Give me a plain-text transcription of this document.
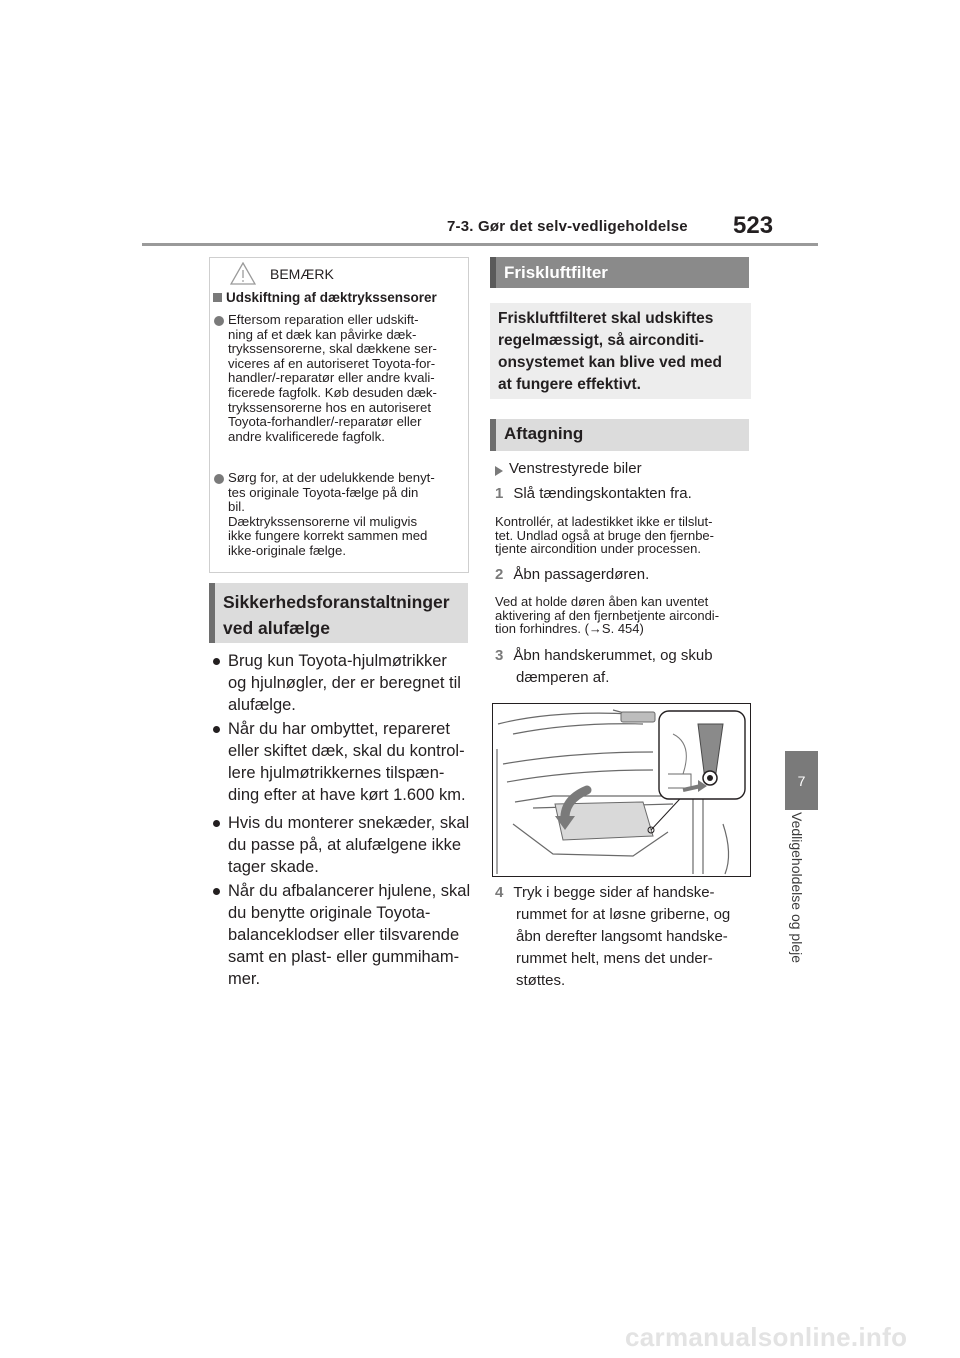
7-3. Gør det selv-vedligeholdelse 523
7
Vedligeholdelse og pleje
BEMÆRK
Udskiftning af dæktrykssensorer
Eftersom reparation eller udskift-
ning af et dæk kan påvirke dæk-
trykssensorerne, skal dækkene ser-
viceres af en autoriseret Toyota-for-
handler/-reparatør eller andre kvali-
ficerede fagfolk. Køb desuden dæk-
trykssensorerne hos en autoriseret
Toyota-forhandler/-reparatør eller
andre kvalificerede fagfolk.
Sørg for, at der udelukkende benyt-
tes originale Toyota-fælge på din
bil.
Dæktrykssensorerne vil muligvis
ikke fungere korrekt sammen med
ikke-originale fælge.
Sikkerhedsforanstaltninger
ved alufælge
Brug kun Toyota-hjulmøtrikker
og hjulnøgler, der er beregnet til
alufælge.
Når du har ombyttet, repareret
eller skiftet dæk, skal du kontrol-
lere hjulmøtrikkernes tilspæn-
ding efter at have kørt 1.600 km.
Hvis du monterer snekæder, skal
du passe på, at alufælgene ikke
tager skade.
Når du afbalancerer hjulene, skal
du benytte originale Toyota-
balanceklodser eller tilsvarende
samt en plast- eller gummiham-
mer.
Friskluftfilter
Friskluftfilteret skal udskiftes
regelmæssigt, så airconditi-
onsystemet kan blive ved med
at fungere effektivt.
Aftagning
Venstrestyrede biler
1 Slå tændingskontakten fra.
Kontrollér, at ladestikket ikke er tilslut-
tet. Undlad også at bruge den fjernbe-
tjente aircondition under processen.
2 Åbn passagerdøren.
Ved at holde døren åben kan uventet
aktivering af den fjernbetjente aircondi-
tion forhindres. (→S. 454)
3 Åbn handskerummet, og skub
dæmperen af.
4 Tryk i begge sider af handske-
rummet for at løsne griberne, og
åbn derefter langsomt handske-
rummet helt, mens det under-
støttes.
carmanualsonline.info
